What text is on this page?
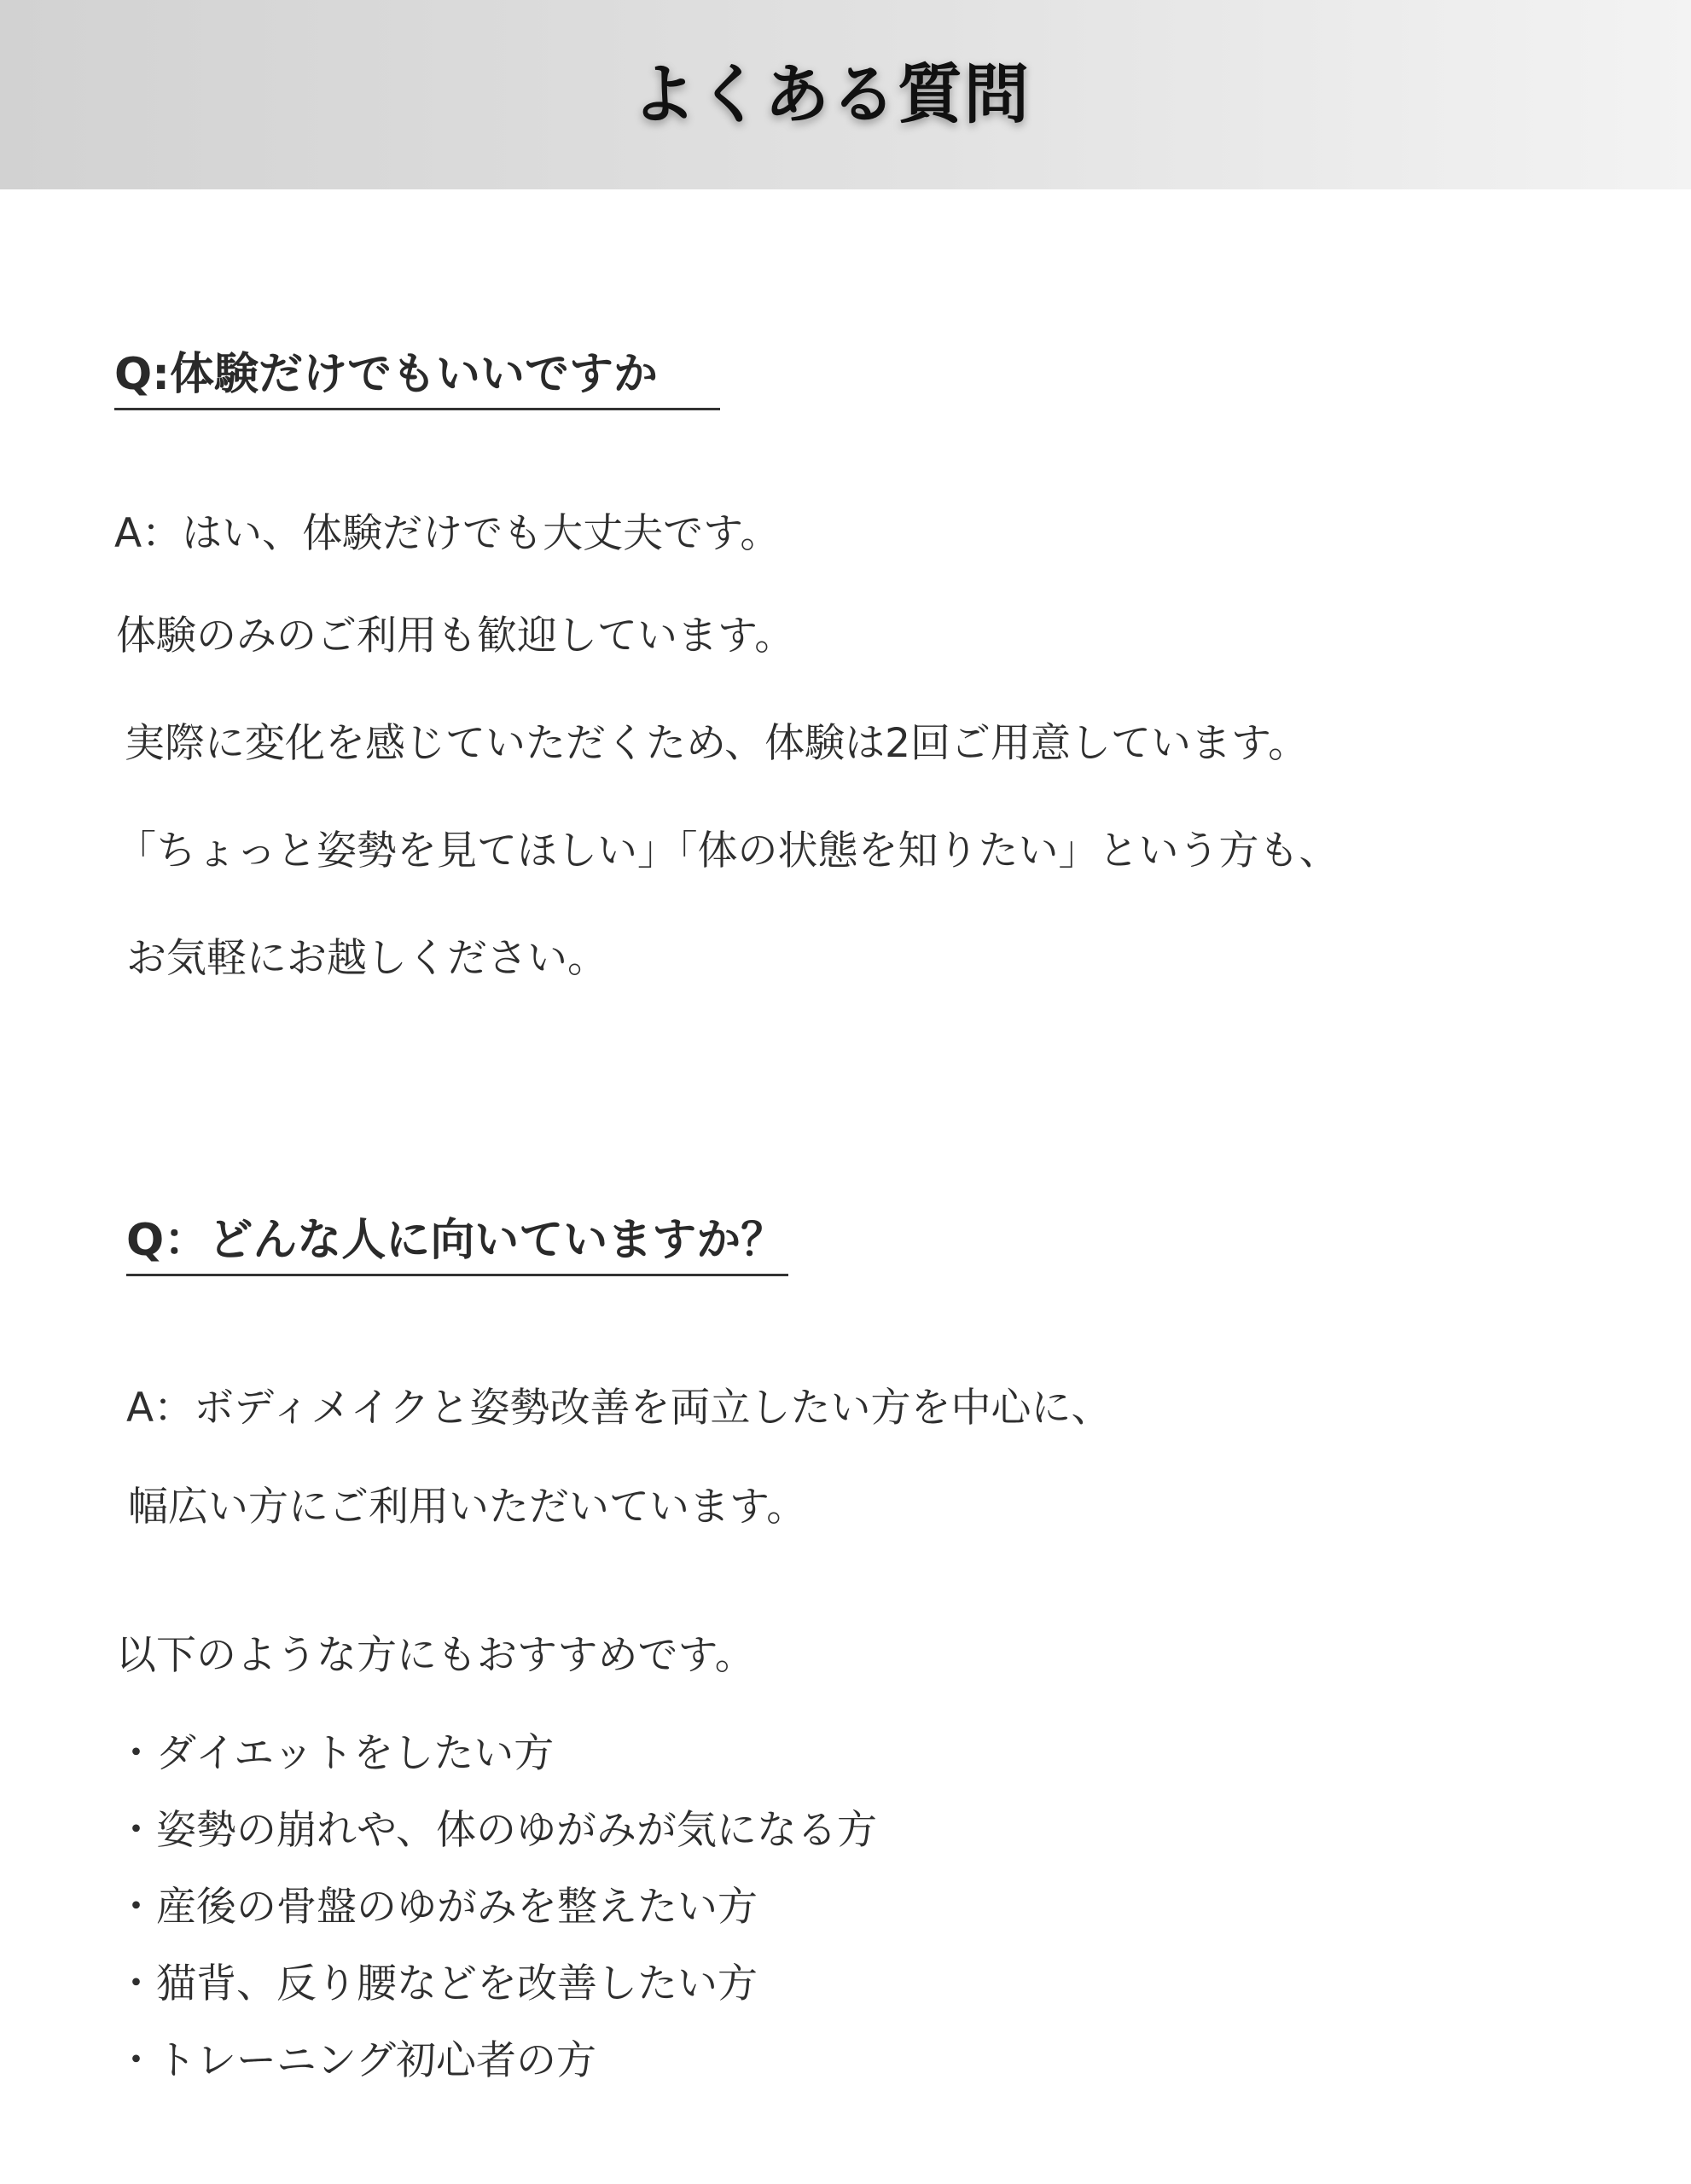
よくある質問
Q:体験だけでもいいですか

A：はい、体験だけでも大丈夫です。

体験のみのご利用も歓迎しています。

実際に変化を感じていただくため、体験は2回ご用意しています。

「ちょっと姿勢を見てほしい」「体の状態を知りたい」という方も、

お気軽にお越しください。

Q：どんな人に向いていますか？

A：ボディメイクと姿勢改善を両立したい方を中心に、

幅広い方にご利用いただいています。

以下のような方にもおすすめです。

・ダイエットをしたい方

・姿勢の崩れや、体のゆがみが気になる方

・産後の骨盤のゆがみを整えたい方

・猫背、反り腰などを改善したい方

・トレーニング初心者の方
